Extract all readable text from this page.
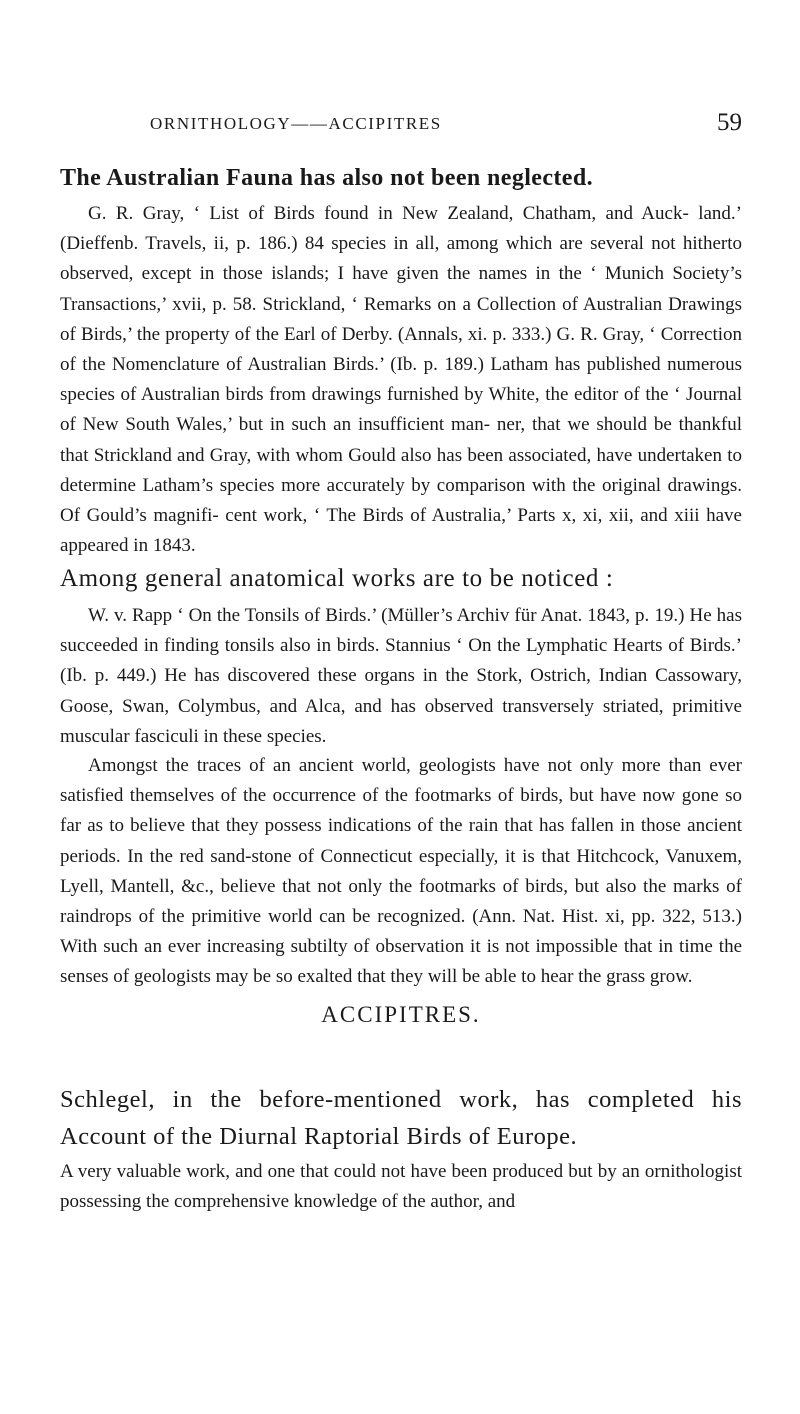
ORNITHOLOGY——ACCIPITRES	59
The Australian Fauna has also not been neglected.
G. R. Gray, ‘ List of Birds found in New Zealand, Chatham, and Auck- land.’ (Dieffenb. Travels, ii, p. 186.) 84 species in all, among which are several not hitherto observed, except in those islands; I have given the names in the ‘ Munich Society’s Transactions,’ xvii, p. 58. Strickland, ‘ Remarks on a Collection of Australian Drawings of Birds,’ the property of the Earl of Derby. (Annals, xi. p. 333.) G. R. Gray, ‘ Correction of the Nomenclature of Australian Birds.’ (Ib. p. 189.) Latham has published numerous species of Australian birds from drawings furnished by White, the editor of the ‘ Journal of New South Wales,’ but in such an insufficient man- ner, that we should be thankful that Strickland and Gray, with whom Gould also has been associated, have undertaken to determine Latham’s species more accurately by comparison with the original drawings. Of Gould’s magnifi- cent work, ‘ The Birds of Australia,’ Parts x, xi, xii, and xiii have appeared in 1843.
Among general anatomical works are to be noticed :
W. v. Rapp ‘ On the Tonsils of Birds.’ (Müller’s Archiv für Anat. 1843, p. 19.) He has succeeded in finding tonsils also in birds. Stannius ‘ On the Lymphatic Hearts of Birds.’ (Ib. p. 449.) He has discovered these organs in the Stork, Ostrich, Indian Cassowary, Goose, Swan, Colymbus, and Alca, and has observed transversely striated, primitive muscular fasciculi in these species.
Amongst the traces of an ancient world, geologists have not only more than ever satisfied themselves of the occurrence of the footmarks of birds, but have now gone so far as to believe that they possess indications of the rain that has fallen in those ancient periods. In the red sand-stone of Connecticut especially, it is that Hitchcock, Vanuxem, Lyell, Mantell, &c., believe that not only the footmarks of birds, but also the marks of raindrops of the primitive world can be recognized. (Ann. Nat. Hist. xi, pp. 322, 513.) With such an ever increasing subtilty of observation it is not impossible that in time the senses of geologists may be so exalted that they will be able to hear the grass grow.
ACCIPITRES.
Schlegel, in the before-mentioned work, has completed his Account of the Diurnal Raptorial Birds of Europe.
A very valuable work, and one that could not have been produced but by an ornithologist possessing the comprehensive knowledge of the author, and
